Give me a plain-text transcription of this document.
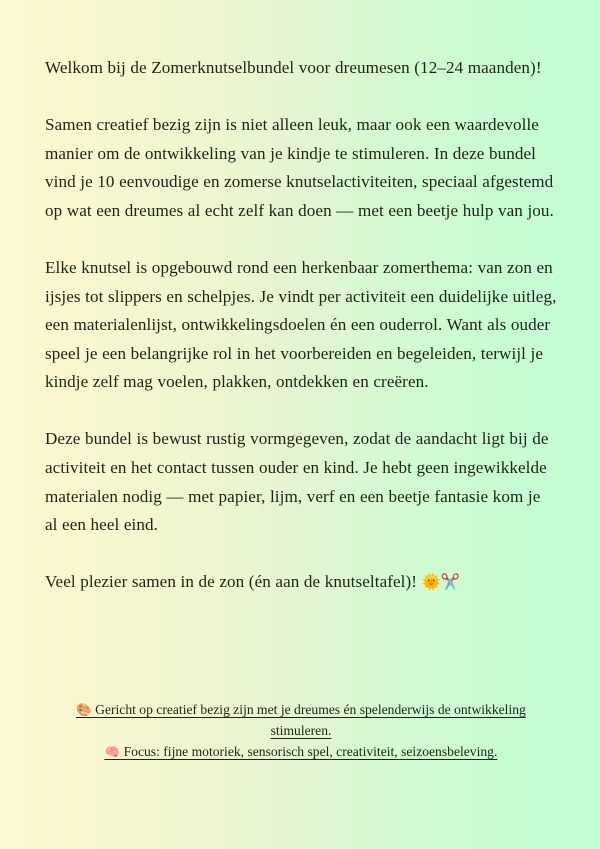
Welkom bij de Zomerknutselbundel voor dreumesen (12–24 maanden)!

Samen creatief bezig zijn is niet alleen leuk, maar ook een waardevolle manier om de ontwikkeling van je kindje te stimuleren. In deze bundel vind je 10 eenvoudige en zomerse knutselactiviteiten, speciaal afgestemd op wat een dreumes al echt zelf kan doen — met een beetje hulp van jou.

Elke knutsel is opgebouwd rond een herkenbaar zomerthema: van zon en ijsjes tot slippers en schelpjes. Je vindt per activiteit een duidelijke uitleg, een materialenlijst, ontwikkelingsdoelen én een ouderrol. Want als ouder speel je een belangrijke rol in het voorbereiden en begeleiden, terwijl je kindje zelf mag voelen, plakken, ontdekken en creëren.

Deze bundel is bewust rustig vormgegeven, zodat de aandacht ligt bij de activiteit en het contact tussen ouder en kind. Je hebt geen ingewikkelde materialen nodig — met papier, lijm, verf en een beetje fantasie kom je al een heel eind.

Veel plezier samen in de zon (én aan de knutseltafel)! 🌞✂️

🎨 Gericht op creatief bezig zijn met je dreumes én spelenderwijs de ontwikkeling stimuleren.

🧠 Focus: fijne motoriek, sensorisch spel, creativiteit, seizoensbeleving.
